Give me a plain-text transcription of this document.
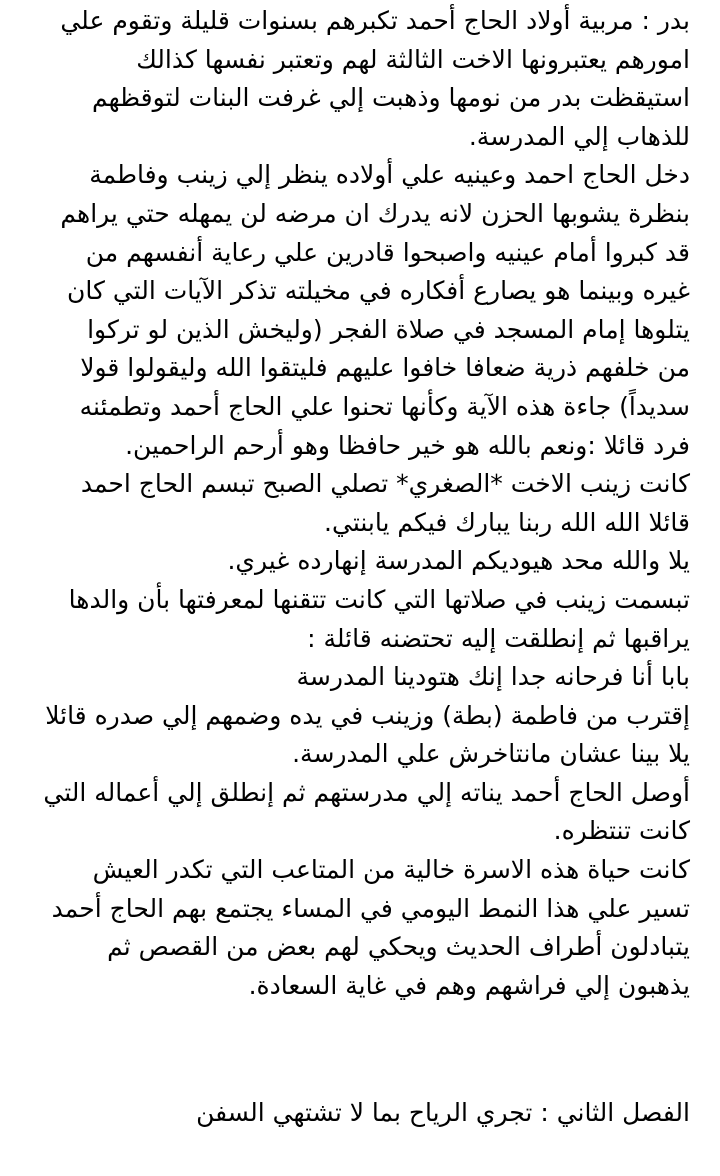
بدر : مربية أولاد الحاج أحمد تكبرهم بسنوات قليلة وتقوم علي
امورهم يعتبرونها الاخت الثالثة لهم وتعتبر نفسها كذالك
استيقظت بدر من نومها وذهبت إلي غرفت البنات لتوقظهم
للذهاب إلي المدرسة.
دخل الحاج احمد وعينيه علي أولاده ينظر إلي زينب وفاطمة
بنظرة يشوبها الحزن لانه يدرك ان مرضه لن يمهله حتي يراهم
قد كبروا أمام عينيه واصبحوا قادرين علي رعاية أنفسهم من
غيره وبينما هو يصارع أفكاره في مخيلته تذكر الآيات التي كان
يتلوها إمام المسجد في صلاة الفجر (وليخش الذين لو تركوا
من خلفهم ذرية ضعافا خافوا عليهم فليتقوا الله وليقولوا قولا
سديداً) جاءة هذه الآية وكأنها تحنوا علي الحاج أحمد وتطمئنه
فرد قائلا :ونعم بالله هو خير حافظا وهو أرحم الراحمين.
كانت زينب الاخت *الصغري* تصلي الصبح تبسم الحاج احمد
قائلا الله الله ربنا يبارك فيكم يابنتي.
يلا والله محد هيوديكم المدرسة إنهارده غيري.
تبسمت زينب في صلاتها التي كانت تتقنها لمعرفتها بأن والدها
يراقبها ثم إنطلقت إليه تحتضنه قائلة :
بابا أنا فرحانه جدا إنك هتودينا المدرسة
إقترب من فاطمة (بطة) وزينب في يده وضمهم إلي صدره قائلا
يلا بينا عشان مانتاخرش علي المدرسة.
أوصل الحاج أحمد يناته إلي مدرستهم ثم إنطلق إلي أعماله التي
كانت تنتظره.
كانت حياة هذه الاسرة خالية من المتاعب التي تكدر العيش
تسير علي هذا النمط اليومي في المساء يجتمع بهم الحاج أحمد
يتبادلون أطراف الحديث ويحكي لهم بعض من القصص ثم
يذهبون إلي فراشهم وهم في غاية السعادة.
الفصل الثاني : تجري الرياح بما لا تشتهي السفن
